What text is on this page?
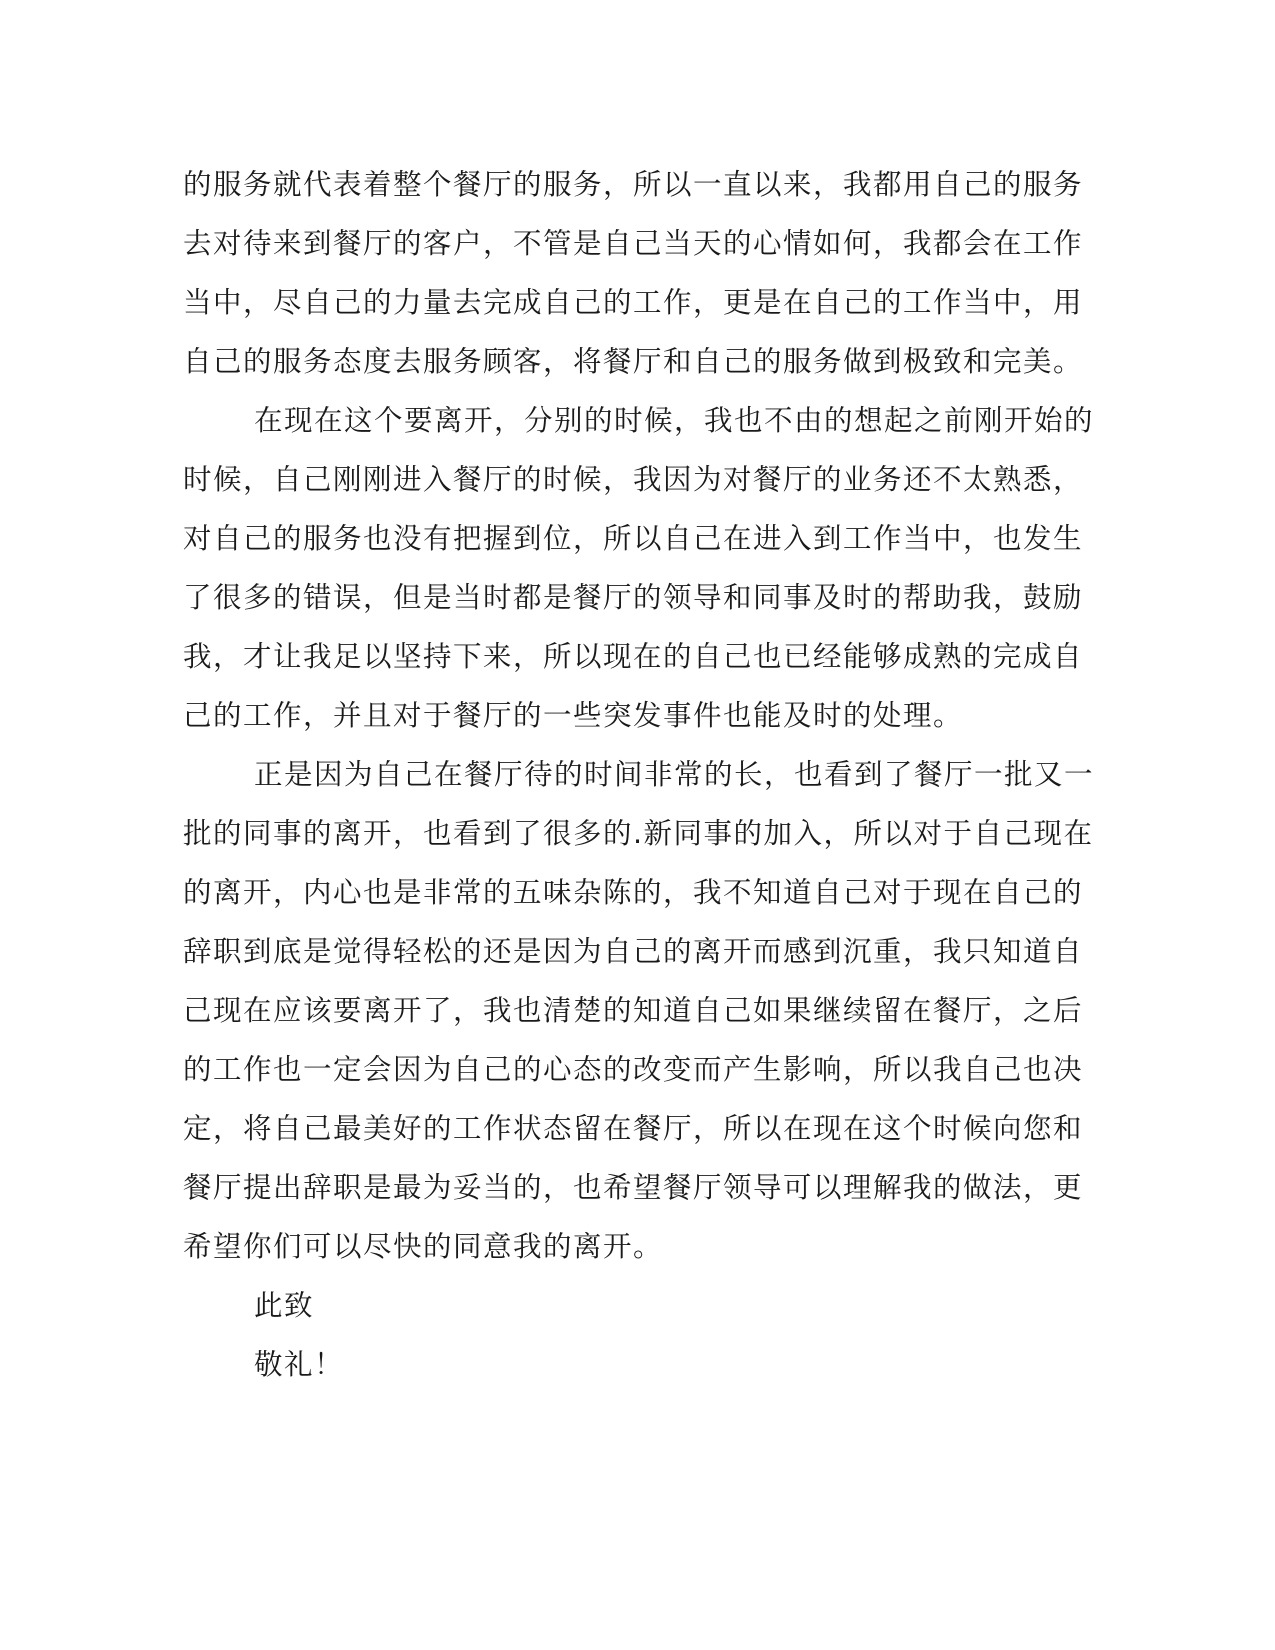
的服务就代表着整个餐厅的服务，所以一直以来，我都用自己的服务
去对待来到餐厅的客户，不管是自己当天的心情如何，我都会在工作
当中，尽自己的力量去完成自己的工作，更是在自己的工作当中，用
自己的服务态度去服务顾客，将餐厅和自己的服务做到极致和完美。
在现在这个要离开，分别的时候，我也不由的想起之前刚开始的
时候，自己刚刚进入餐厅的时候，我因为对餐厅的业务还不太熟悉，
对自己的服务也没有把握到位，所以自己在进入到工作当中，也发生
了很多的错误，但是当时都是餐厅的领导和同事及时的帮助我，鼓励
我，才让我足以坚持下来，所以现在的自己也已经能够成熟的完成自
己的工作，并且对于餐厅的一些突发事件也能及时的处理。
正是因为自己在餐厅待的时间非常的长，也看到了餐厅一批又一
批的同事的离开，也看到了很多的.新同事的加入，所以对于自己现在
的离开，内心也是非常的五味杂陈的，我不知道自己对于现在自己的
辞职到底是觉得轻松的还是因为自己的离开而感到沉重，我只知道自
己现在应该要离开了，我也清楚的知道自己如果继续留在餐厅，之后
的工作也一定会因为自己的心态的改变而产生影响，所以我自己也决
定，将自己最美好的工作状态留在餐厅，所以在现在这个时候向您和
餐厅提出辞职是最为妥当的，也希望餐厅领导可以理解我的做法，更
希望你们可以尽快的同意我的离开。
此致
敬礼！
